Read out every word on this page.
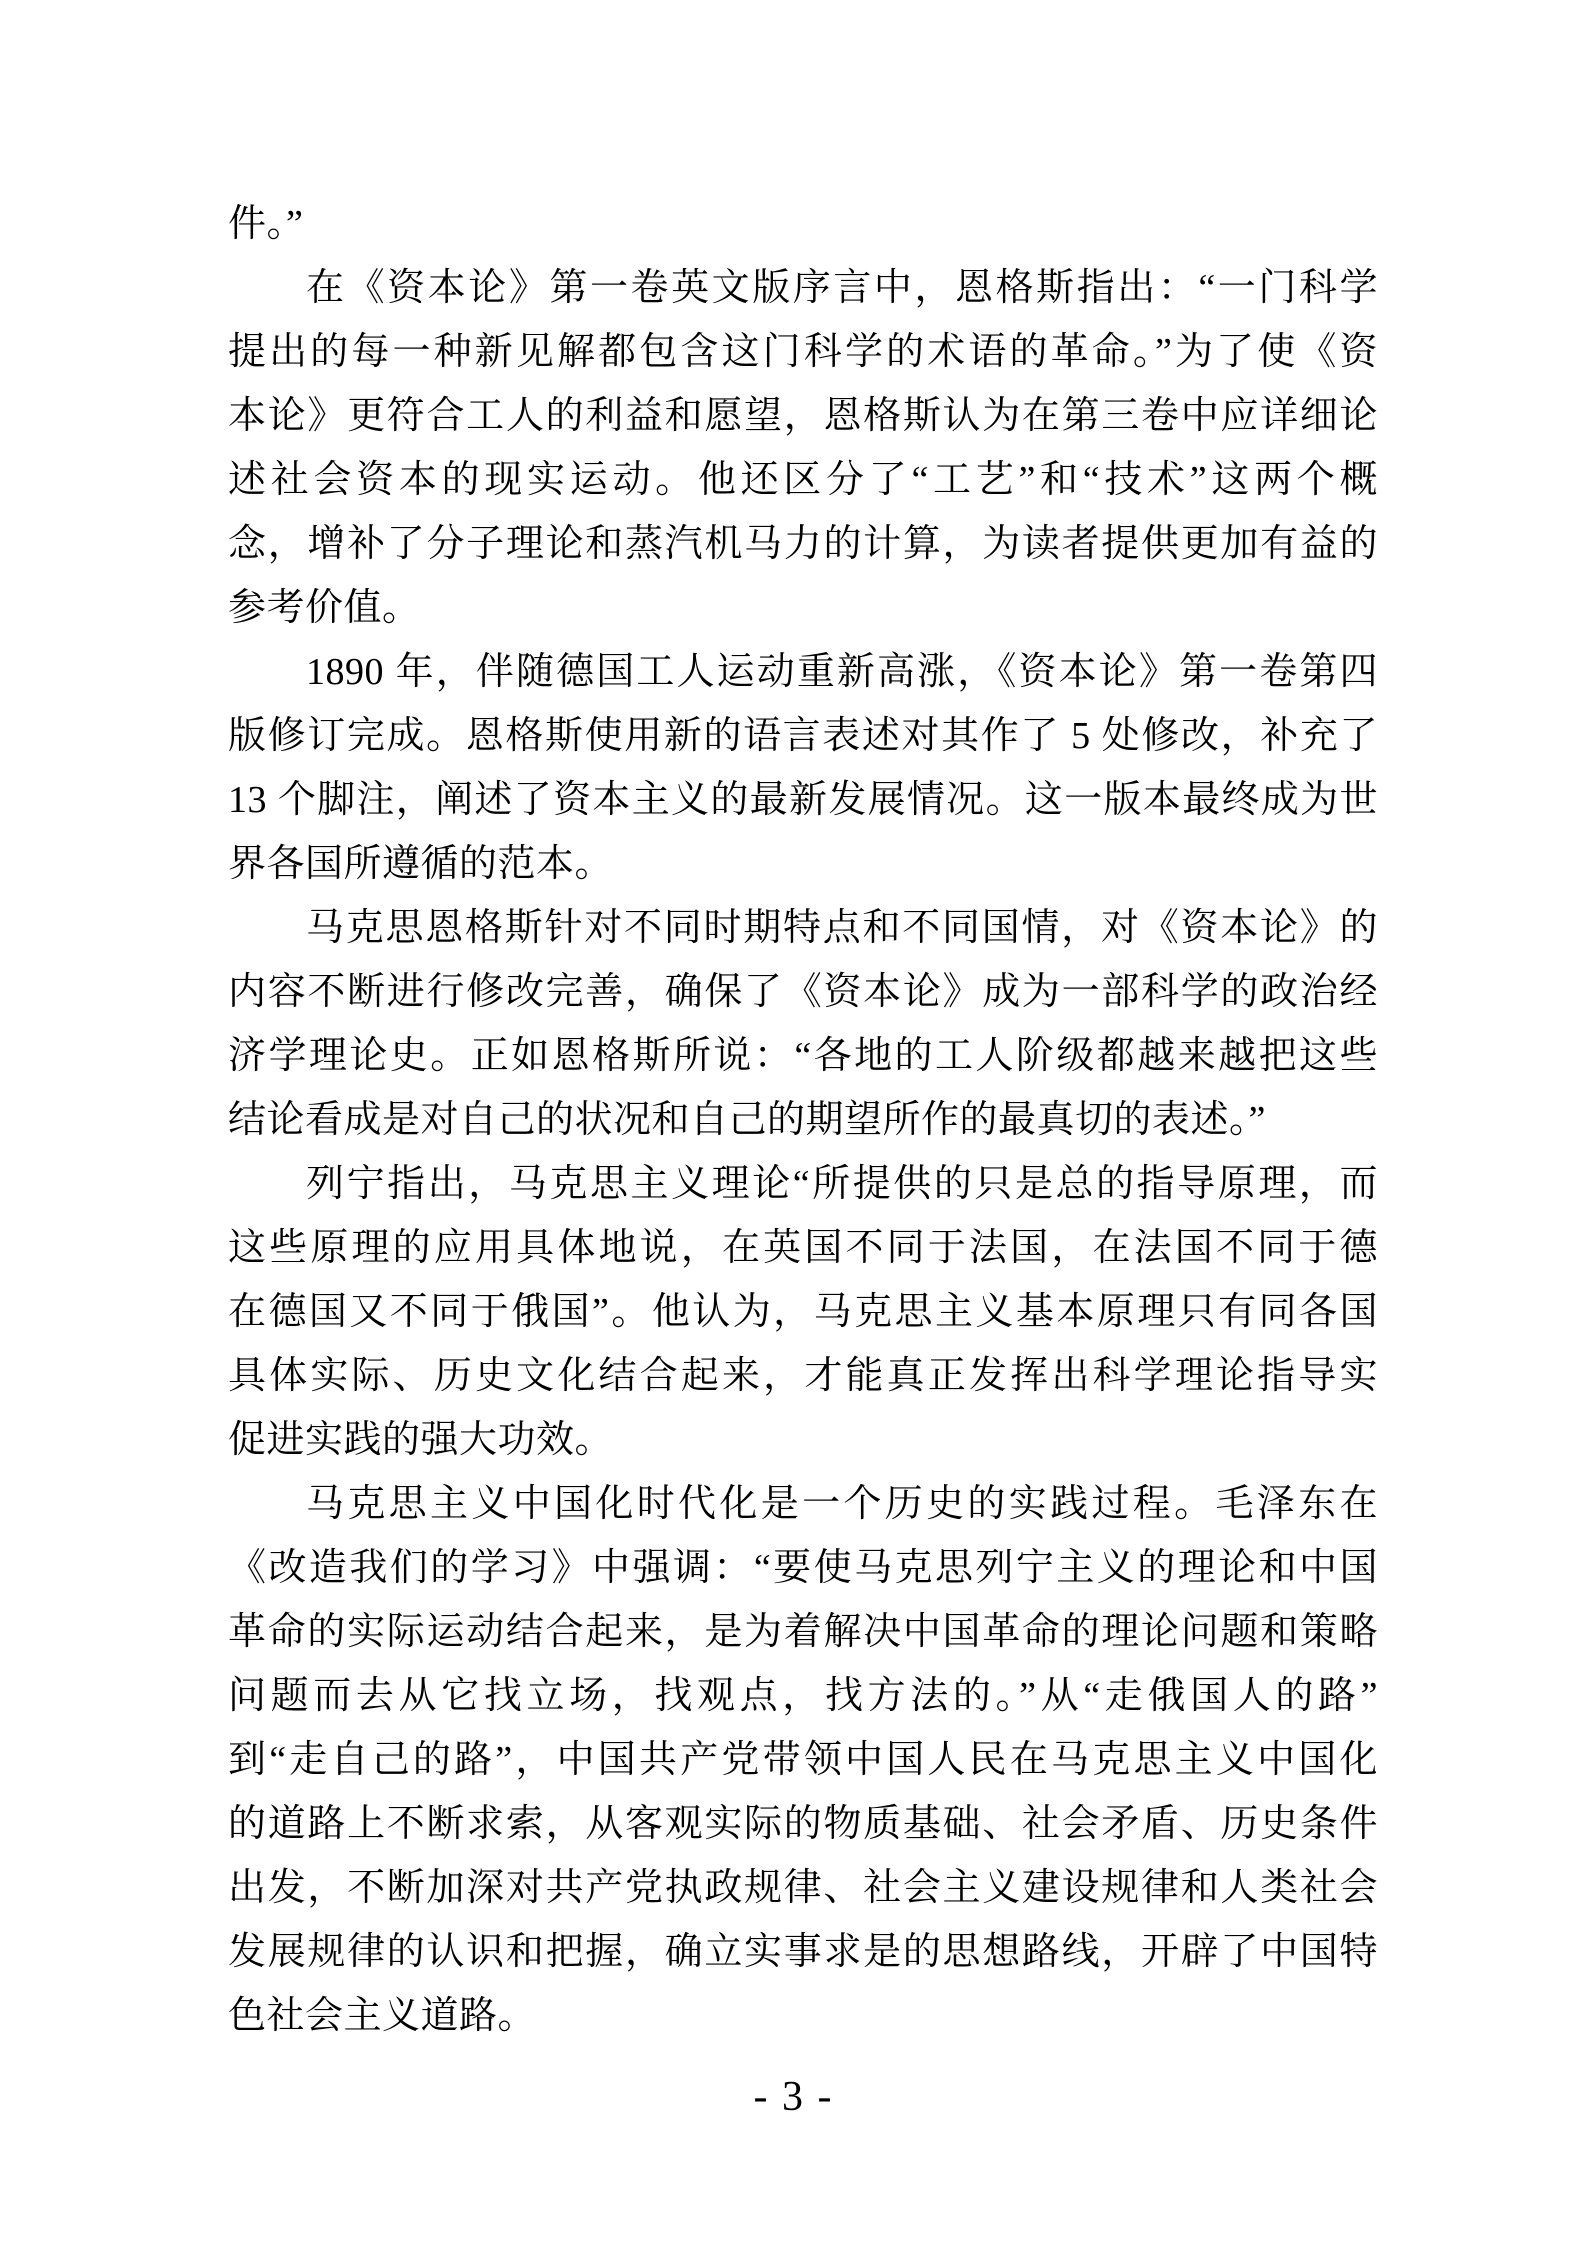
件。”
在《资本论》第一卷英文版序言中，恩格斯指出：“一门科学
提出的每一种新见解都包含这门科学的术语的革命。”为了使《资
本论》更符合工人的利益和愿望，恩格斯认为在第三卷中应详细论
述社会资本的现实运动。他还区分了“工艺”和“技术”这两个概
念，增补了分子理论和蒸汽机马力的计算，为读者提供更加有益的
参考价值。
1890 年，伴随德国工人运动重新高涨，《资本论》第一卷第四
版修订完成。恩格斯使用新的语言表述对其作了 5 处修改，补充了
13 个脚注，阐述了资本主义的最新发展情况。这一版本最终成为世
界各国所遵循的范本。
马克思恩格斯针对不同时期特点和不同国情，对《资本论》的
内容不断进行修改完善，确保了《资本论》成为一部科学的政治经
济学理论史。正如恩格斯所说：“各地的工人阶级都越来越把这些
结论看成是对自己的状况和自己的期望所作的最真切的表述。”
列宁指出，马克思主义理论“所提供的只是总的指导原理，而
这些原理的应用具体地说，在英国不同于法国，在法国不同于德
在德国又不同于俄国”。他认为，马克思主义基本原理只有同各国
具体实际、历史文化结合起来，才能真正发挥出科学理论指导实
促进实践的强大功效。
马克思主义中国化时代化是一个历史的实践过程。毛泽东在
《改造我们的学习》中强调：“要使马克思列宁主义的理论和中国
革命的实际运动结合起来，是为着解决中国革命的理论问题和策略
问题而去从它找立场，找观点，找方法的。”从“走俄国人的路”
到“走自己的路”，中国共产党带领中国人民在马克思主义中国化
的道路上不断求索，从客观实际的物质基础、社会矛盾、历史条件
出发，不断加深对共产党执政规律、社会主义建设规律和人类社会
发展规律的认识和把握，确立实事求是的思想路线，开辟了中国特
色社会主义道路。
- 3 -
